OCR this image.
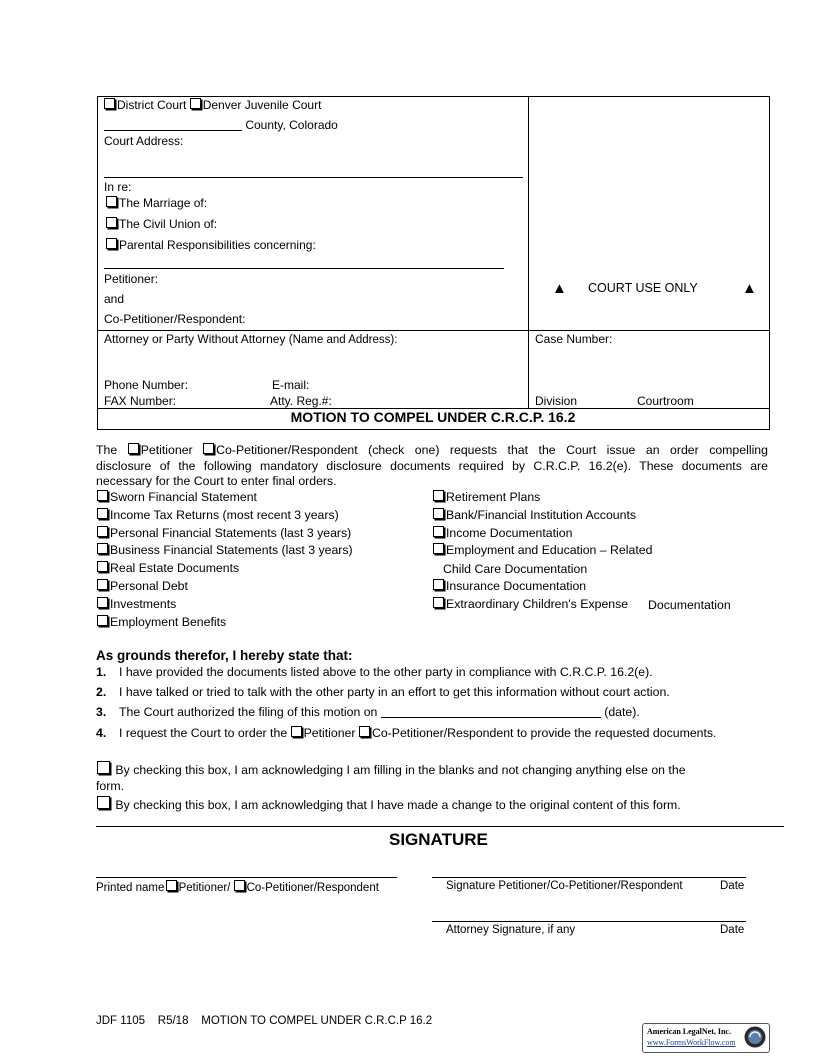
District Court Denver Juvenile Court
County, Colorado
Court Address:
In re:
The Marriage of:
The Civil Union of:
Parental Responsibilities concerning:
Petitioner:
and
Co-Petitioner/Respondent:
▲ COURT USE ONLY	▲
Attorney or Party Without Attorney (Name and Address):
Phone Number:	E-mail:
FAX Number:	Atty. Reg.#:
Case Number:
Division	Courtroom
MOTION TO COMPEL UNDER C.R.C.P. 16.2
The Petitioner Co-Petitioner/Respondent (check one) requests that the Court issue an order compelling
disclosure of the following mandatory disclosure documents required by C.R.C.P. 16.2(e). These documents are
necessary for the Court to enter final orders.
Sworn Financial Statement
Income Tax Returns (most recent 3 years)
Personal Financial Statements (last 3 years)
Business Financial Statements (last 3 years)
Real Estate Documents
Personal Debt
Investments
Employment Benefits
Retirement Plans
Bank/Financial Institution Accounts
Income Documentation
Employment and Education – Related
Insurance Documentation
Extraordinary Children's Expense
Child Care Documentation
Documentation
As grounds therefor, I hereby state that:
1. I have provided the documents listed above to the other party in compliance with C.R.C.P. 16.2(e).
2. I have talked or tried to talk with the other party in an effort to get this information without court action.
3. The Court authorized the filing of this motion on	(date).
4. I request the Court to order the Petitioner Co-Petitioner/Respondent to provide the requested documents.
By checking this box, I am acknowledging I am filling in the blanks and not changing anything else on the
form.
By checking this box, I am acknowledging that I have made a change to the original content of this form.
SIGNATURE
Printed name Petitioner/ Co-Petitioner/Respondent	Signature Petitioner/Co-Petitioner/Respondent	Date
Attorney Signature, if any	Date
JDF 1105    R5/18    MOTION TO COMPEL UNDER C.R.C.P 16.2
American LegalNet, Inc.
www.FormsWorkFlow.com
